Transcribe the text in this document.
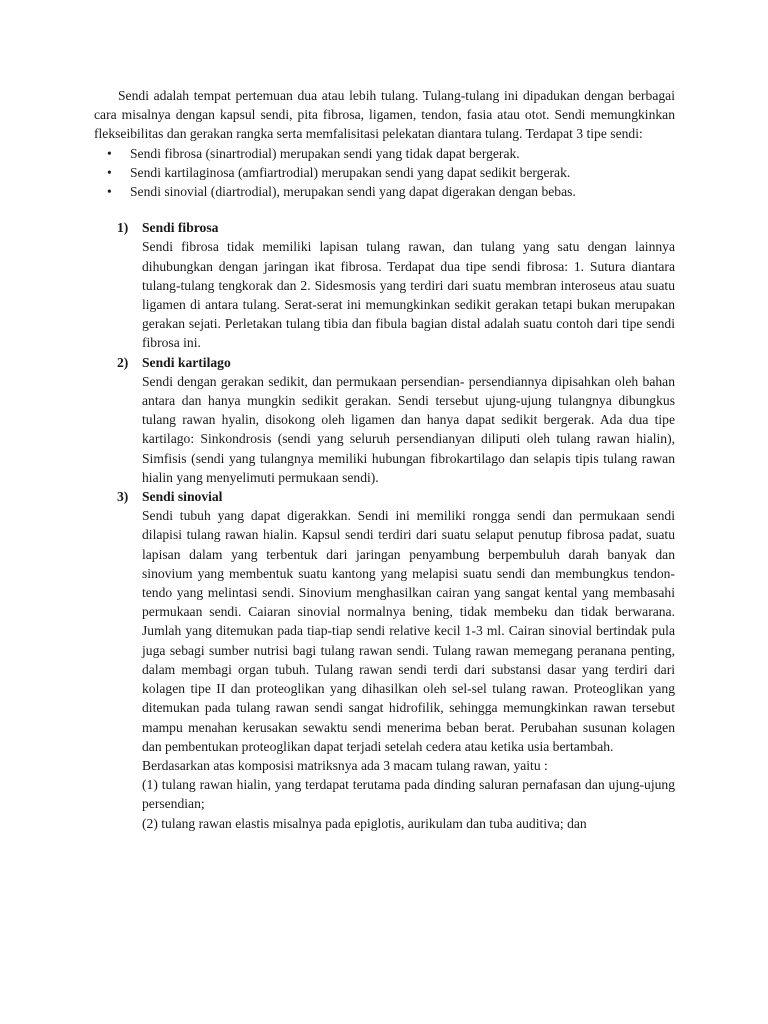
Sendi adalah tempat pertemuan dua atau lebih tulang. Tulang-tulang ini dipadukan dengan berbagai cara misalnya dengan kapsul sendi, pita fibrosa, ligamen, tendon, fasia atau otot. Sendi memungkinkan flekseibilitas dan gerakan rangka serta memfalisitasi pelekatan diantara tulang. Terdapat 3 tipe sendi:

• Sendi fibrosa (sinartrodial) merupakan sendi yang tidak dapat bergerak.
• Sendi kartilaginosa (amfiartrodial) merupakan sendi yang dapat sedikit bergerak.
• Sendi sinovial (diartrodial), merupakan sendi yang dapat digerakan dengan bebas.
1) Sendi fibrosa

Sendi fibrosa tidak memiliki lapisan tulang rawan, dan tulang yang satu dengan lainnya dihubungkan dengan jaringan ikat fibrosa. Terdapat dua tipe sendi fibrosa: 1. Sutura diantara tulang-tulang tengkorak dan 2. Sidesmosis yang terdiri dari suatu membran interoseus atau suatu ligamen di antara tulang. Serat-serat ini memungkinkan sedikit gerakan tetapi bukan merupakan gerakan sejati. Perletakan tulang tibia dan fibula bagian distal adalah suatu contoh dari tipe sendi fibrosa ini.

2) Sendi kartilago

Sendi dengan gerakan sedikit, dan permukaan persendian- persendiannya dipisahkan oleh bahan antara dan hanya mungkin sedikit gerakan. Sendi tersebut ujung-ujung tulangnya dibungkus tulang rawan hyalin, disokong oleh ligamen dan hanya dapat sedikit bergerak. Ada dua tipe kartilago: Sinkondrosis (sendi yang seluruh persendianyan diliputi oleh tulang rawan hialin), Simfisis (sendi yang tulangnya memiliki hubungan fibrokartilago dan selapis tipis tulang rawan hialin yang menyelimuti permukaan sendi).

3) Sendi sinovial

Sendi tubuh yang dapat digerakkan. Sendi ini memiliki rongga sendi dan permukaan sendi dilapisi tulang rawan hialin. Kapsul sendi terdiri dari suatu selaput penutup fibrosa padat, suatu lapisan dalam yang terbentuk dari jaringan penyambung berpembuluh darah banyak dan sinovium yang membentuk suatu kantong yang melapisi suatu sendi dan membungkus tendon-tendo yang melintasi sendi. Sinovium menghasilkan cairan yang sangat kental yang membasahi permukaan sendi. Caiaran sinovial normalnya bening, tidak membeku dan tidak berwarana. Jumlah yang ditemukan pada tiap-tiap sendi relative kecil 1-3 ml. Cairan sinovial bertindak pula juga sebagi sumber nutrisi bagi tulang rawan sendi. Tulang rawan memegang peranana penting, dalam membagi organ tubuh. Tulang rawan sendi terdi dari substansi dasar yang terdiri dari kolagen tipe II dan proteoglikan yang dihasilkan oleh sel-sel tulang rawan. Proteoglikan yang ditemukan pada tulang rawan sendi sangat hidrofilik, sehingga memungkinkan rawan tersebut mampu menahan kerusakan sewaktu sendi menerima beban berat. Perubahan susunan kolagen dan pembentukan proteoglikan dapat terjadi setelah cedera atau ketika usia bertambah.

Berdasarkan atas komposisi matriksnya ada 3 macam tulang rawan, yaitu :

(1) tulang rawan hialin, yang terdapat terutama pada dinding saluran pernafasan dan ujung-ujung persendian;

(2) tulang rawan elastis misalnya pada epiglotis, aurikulam dan tuba auditiva; dan
